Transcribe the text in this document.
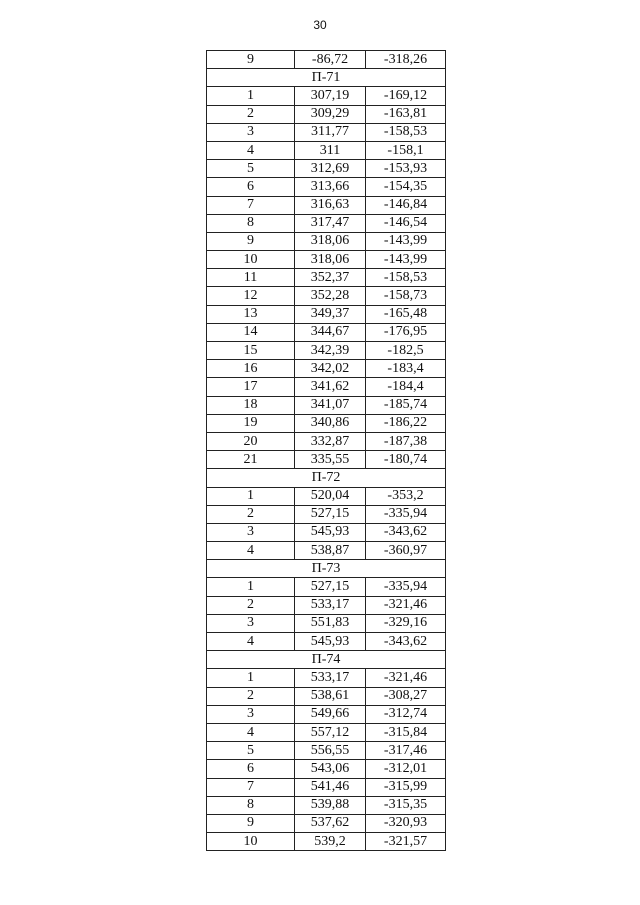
30
9	-86,72	-318,26
П-71		
1	307,19	-169,12
2	309,29	-163,81
3	311,77	-158,53
4	311	-158,1
5	312,69	-153,93
6	313,66	-154,35
7	316,63	-146,84
8	317,47	-146,54
9	318,06	-143,99
10	318,06	-143,99
11	352,37	-158,53
12	352,28	-158,73
13	349,37	-165,48
14	344,67	-176,95
15	342,39	-182,5
16	342,02	-183,4
17	341,62	-184,4
18	341,07	-185,74
19	340,86	-186,22
20	332,87	-187,38
21	335,55	-180,74
П-72		
1	520,04	-353,2
2	527,15	-335,94
3	545,93	-343,62
4	538,87	-360,97
П-73		
1	527,15	-335,94
2	533,17	-321,46
3	551,83	-329,16
4	545,93	-343,62
П-74		
1	533,17	-321,46
2	538,61	-308,27
3	549,66	-312,74
4	557,12	-315,84
5	556,55	-317,46
6	543,06	-312,01
7	541,46	-315,99
8	539,88	-315,35
9	537,62	-320,93
10	539,2	-321,57
